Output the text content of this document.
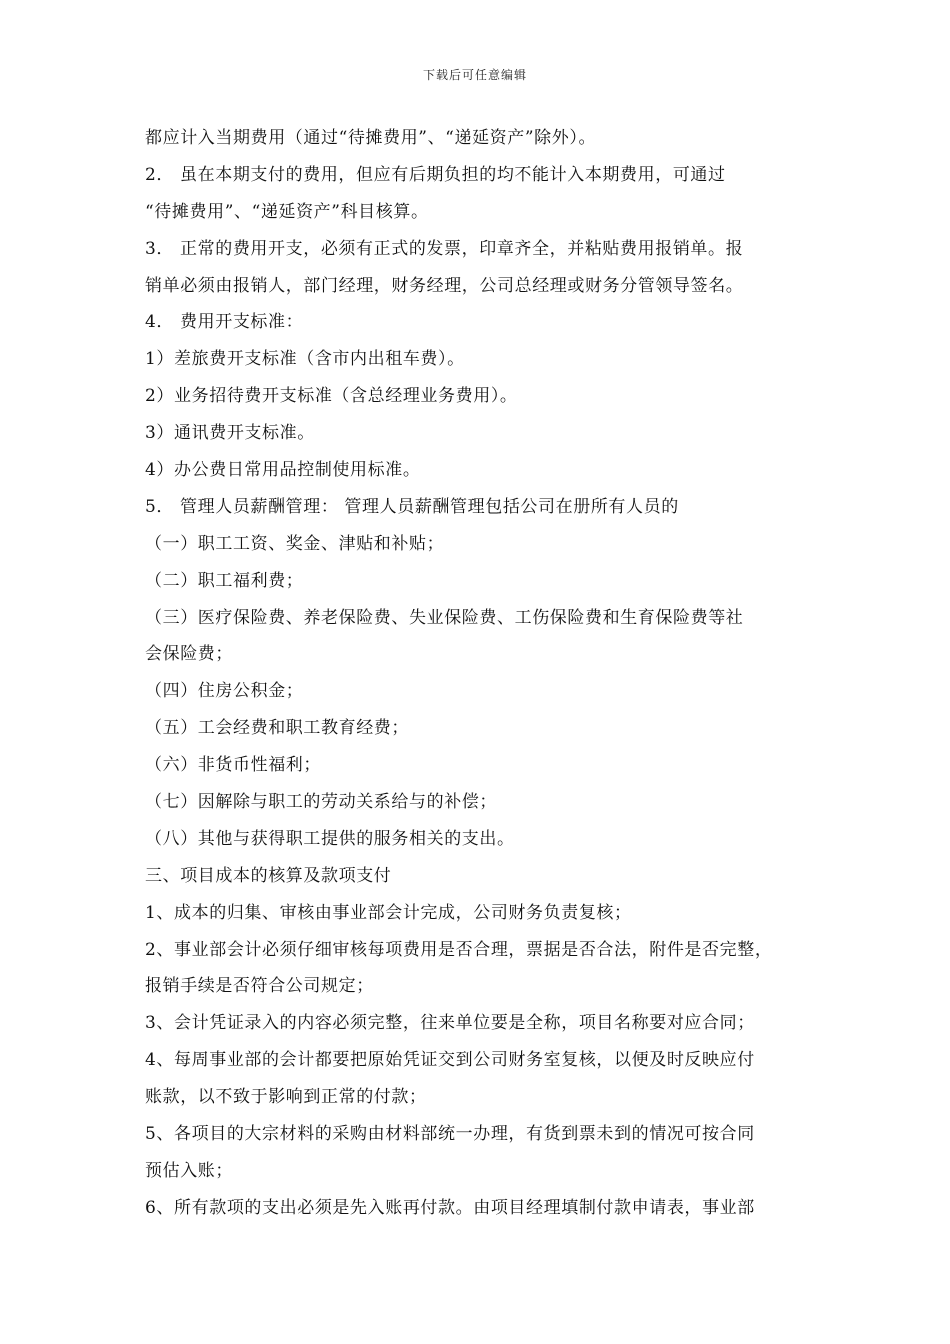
下载后可任意编辑
都应计入当期费用（通过“待摊费用”、“递延资产”除外）。
2． 虽在本期支付的费用，但应有后期负担的均不能计入本期费用，可通过
“待摊费用”、“递延资产”科目核算。
3． 正常的费用开支，必须有正式的发票，印章齐全，并粘贴费用报销单。报
销单必须由报销人，部门经理，财务经理，公司总经理或财务分管领导签名。
4． 费用开支标准：
1）差旅费开支标准（含市内出租车费）。
2）业务招待费开支标准（含总经理业务费用）。
3）通讯费开支标准。
4）办公费日常用品控制使用标准。
5． 管理人员薪酬管理： 管理人员薪酬管理包括公司在册所有人员的
（一）职工工资、奖金、津贴和补贴；
（二）职工福利费；
（三）医疗保险费、养老保险费、失业保险费、工伤保险费和生育保险费等社
会保险费；
（四）住房公积金；
（五）工会经费和职工教育经费；
（六）非货币性福利；
（七）因解除与职工的劳动关系给与的补偿；
（八）其他与获得职工提供的服务相关的支出。
三、项目成本的核算及款项支付
1、成本的归集、审核由事业部会计完成，公司财务负责复核；
2、事业部会计必须仔细审核每项费用是否合理，票据是否合法，附件是否完整，
报销手续是否符合公司规定；
3、会计凭证录入的内容必须完整，往来单位要是全称，项目名称要对应合同；
4、每周事业部的会计都要把原始凭证交到公司财务室复核，以便及时反映应付
账款，以不致于影响到正常的付款；
5、各项目的大宗材料的采购由材料部统一办理，有货到票未到的情况可按合同
预估入账；
6、所有款项的支出必须是先入账再付款。由项目经理填制付款申请表，事业部
